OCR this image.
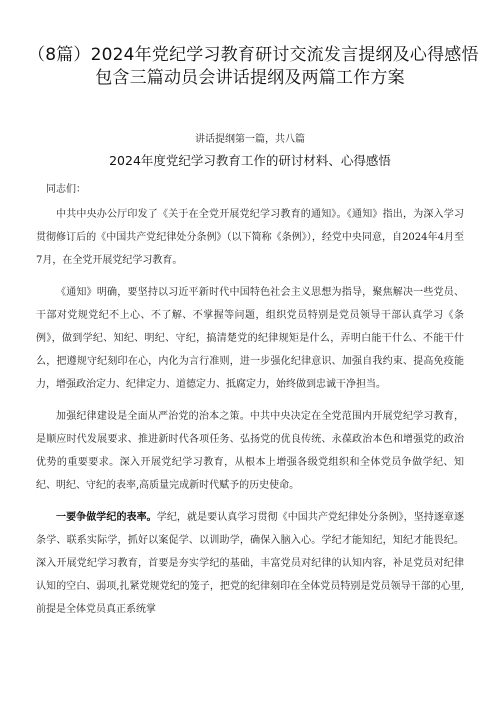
（8篇）2024年党纪学习教育研讨交流发言提纲及心得感悟
包含三篇动员会讲话提纲及两篇工作方案
讲话提纲第一篇，共八篇
2024年度党纪学习教育工作的研讨材料、心得感悟
同志们：

中共中央办公厅印发了《关于在全党开展党纪学习教育的通知》。《通知》指出，为深入学习贯彻修订后的《中国共产党纪律处分条例》（以下简称《条例》），经党中央同意，自2024年4月至7月，在全党开展党纪学习教育。

《通知》明确，要坚持以习近平新时代中国特色社会主义思想为指导，聚焦解决一些党员、干部对党规党纪不上心、不了解、不掌握等问题，组织党员特别是党员领导干部认真学习《条例》，做到学纪、知纪、明纪、守纪，搞清楚党的纪律规矩是什么，弄明白能干什么、不能干什么，把遵规守纪刻印在心，内化为言行准则，进一步强化纪律意识、加强自我约束、提高免疫能力，增强政治定力、纪律定力、道德定力、抵腐定力，始终做到忠诚干净担当。

加强纪律建设是全面从严治党的治本之策。中共中央决定在全党范围内开展党纪学习教育，是顺应时代发展要求、推进新时代各项任务、弘扬党的优良传统、永葆政治本色和增强党的政治优势的重要要求。深入开展党纪学习教育，从根本上增强各级党组织和全体党员争做学纪、知纪、明纪、守纪的表率,高质量完成新时代赋予的历史使命。

一要争做学纪的表率。学纪，就是要认真学习贯彻《中国共产党纪律处分条例》，坚持逐章逐条学、联系实际学，抓好以案促学、以训助学，确保入脑入心。学纪才能知纪，知纪才能畏纪。深入开展党纪学习教育，首要是夯实学纪的基础，丰富党员对纪律的认知内容，补足党员对纪律认知的空白、弱项,扎紧党规党纪的笼子，把党的纪律刻印在全体党员特别是党员领导干部的心里,前提是全体党员真正系统掌
